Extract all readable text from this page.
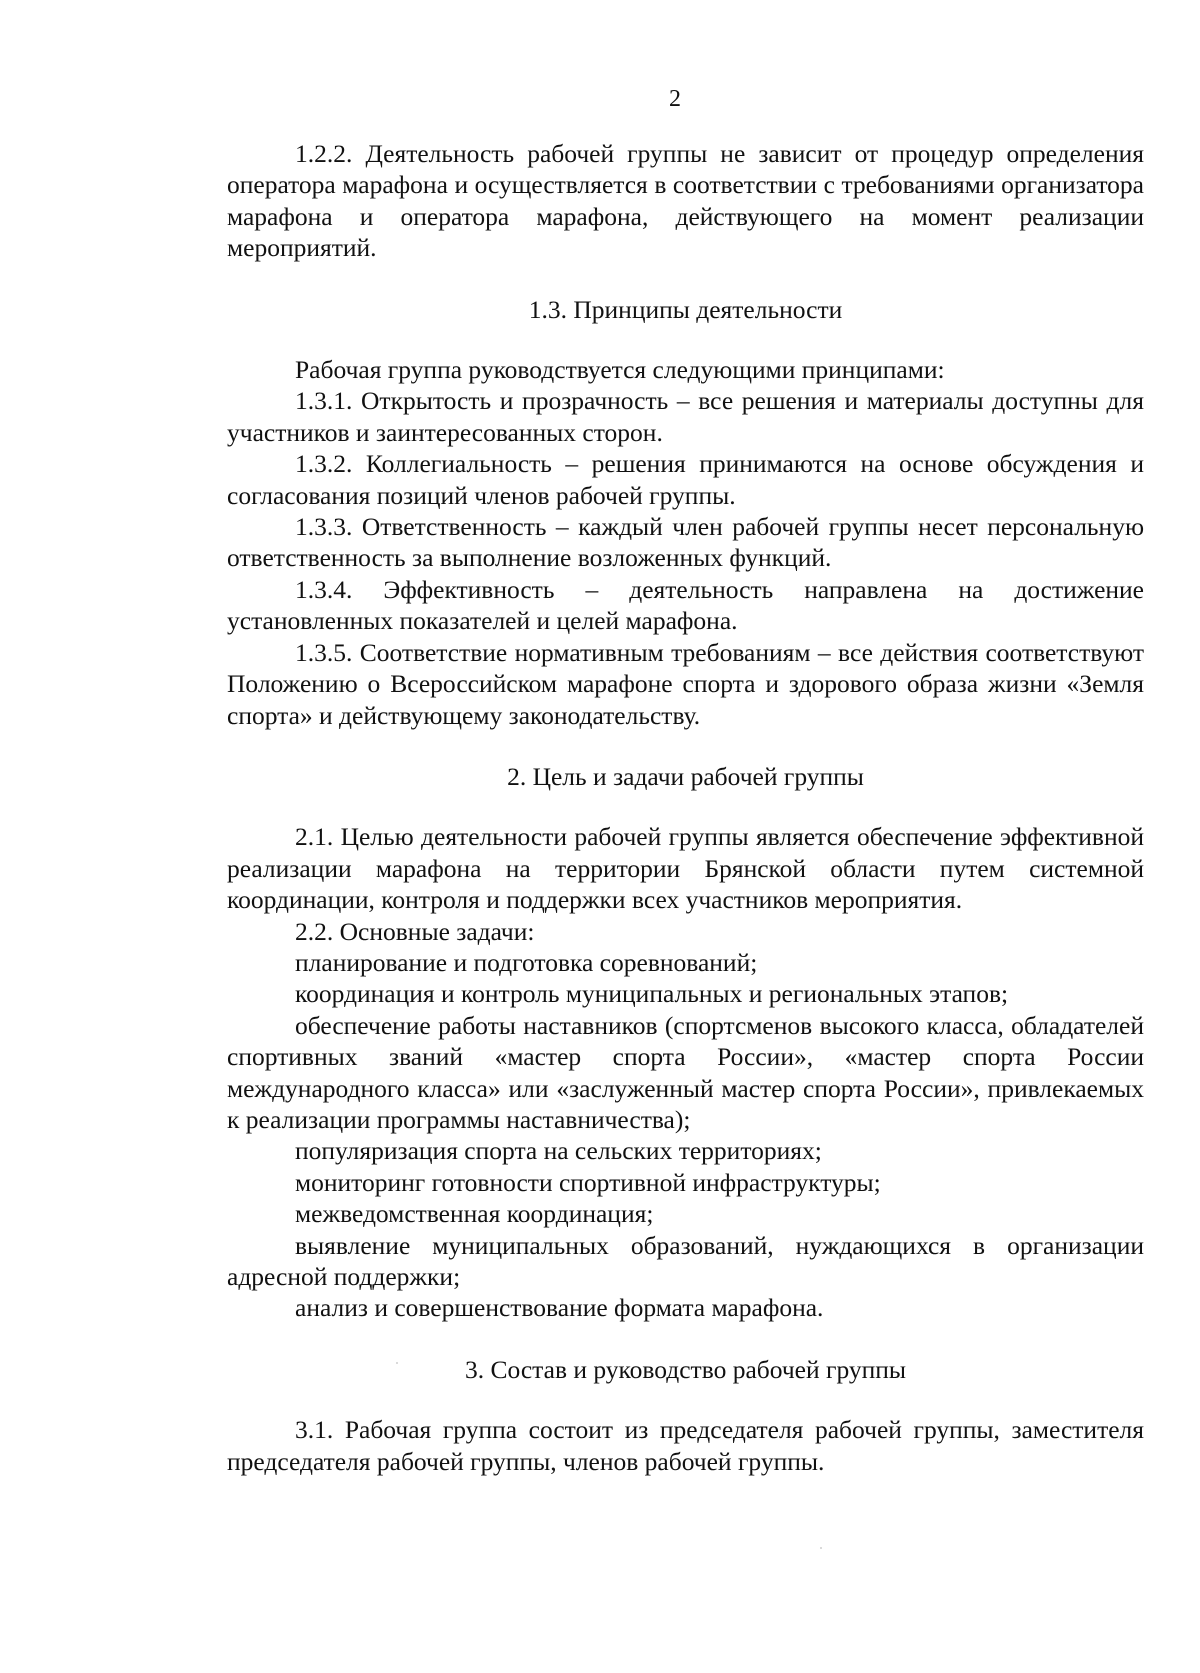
2

1.2.2. Деятельность рабочей группы не зависит от процедур определения оператора марафона и осуществляется в соответствии с требованиями организатора марафона и оператора марафона, действующего на момент реализации мероприятий.

1.3. Принципы деятельности

Рабочая группа руководствуется следующими принципами:

1.3.1. Открытость и прозрачность – все решения и материалы доступны для участников и заинтересованных сторон.

1.3.2. Коллегиальность – решения принимаются на основе обсуждения и согласования позиций членов рабочей группы.

1.3.3. Ответственность – каждый член рабочей группы несет персональную ответственность за выполнение возложенных функций.

1.3.4. Эффективность – деятельность направлена на достижение установленных показателей и целей марафона.

1.3.5. Соответствие нормативным требованиям – все действия соответствуют Положению о Всероссийском марафоне спорта и здорового образа жизни «Земля спорта» и действующему законодательству.

2. Цель и задачи рабочей группы

2.1. Целью деятельности рабочей группы является обеспечение эффективной реализации марафона на территории Брянской области путем системной координации, контроля и поддержки всех участников мероприятия.

2.2. Основные задачи:

планирование и подготовка соревнований;

координация и контроль муниципальных и региональных этапов;

обеспечение работы наставников (спортсменов высокого класса, обладателей спортивных званий «мастер спорта России», «мастер спорта России международного класса» или «заслуженный мастер спорта России», привлекаемых к реализации программы наставничества);

популяризация спорта на сельских территориях;

мониторинг готовности спортивной инфраструктуры;

межведомственная координация;

выявление муниципальных образований, нуждающихся в организации адресной поддержки;

анализ и совершенствование формата марафона.

3. Состав и руководство рабочей группы

3.1. Рабочая группа состоит из председателя рабочей группы, заместителя председателя рабочей группы, членов рабочей группы.
